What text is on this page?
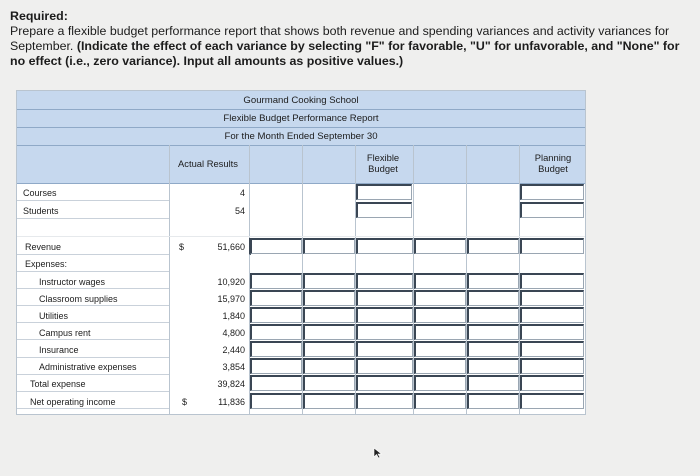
Required:
Prepare a flexible budget performance report that shows both revenue and spending variances and activity variances for September. (Indicate the effect of each variance by selecting "F" for favorable, "U" for unfavorable, and "None" for no effect (i.e., zero variance). Input all amounts as positive values.)
Gourmand Cooking School
Flexible Budget Performance Report
For the Month Ended September 30
Actual Results
Flexible Budget
Planning Budget
Courses
Students
Revenue
Expenses:
Instructor wages
Classroom supplies
Utilities
Campus rent
Insurance
Administrative expenses
Total expense
Net operating income
$
$
4
54
51,660
10,920
15,970
1,840
4,800
2,440
3,854
39,824
11,836
